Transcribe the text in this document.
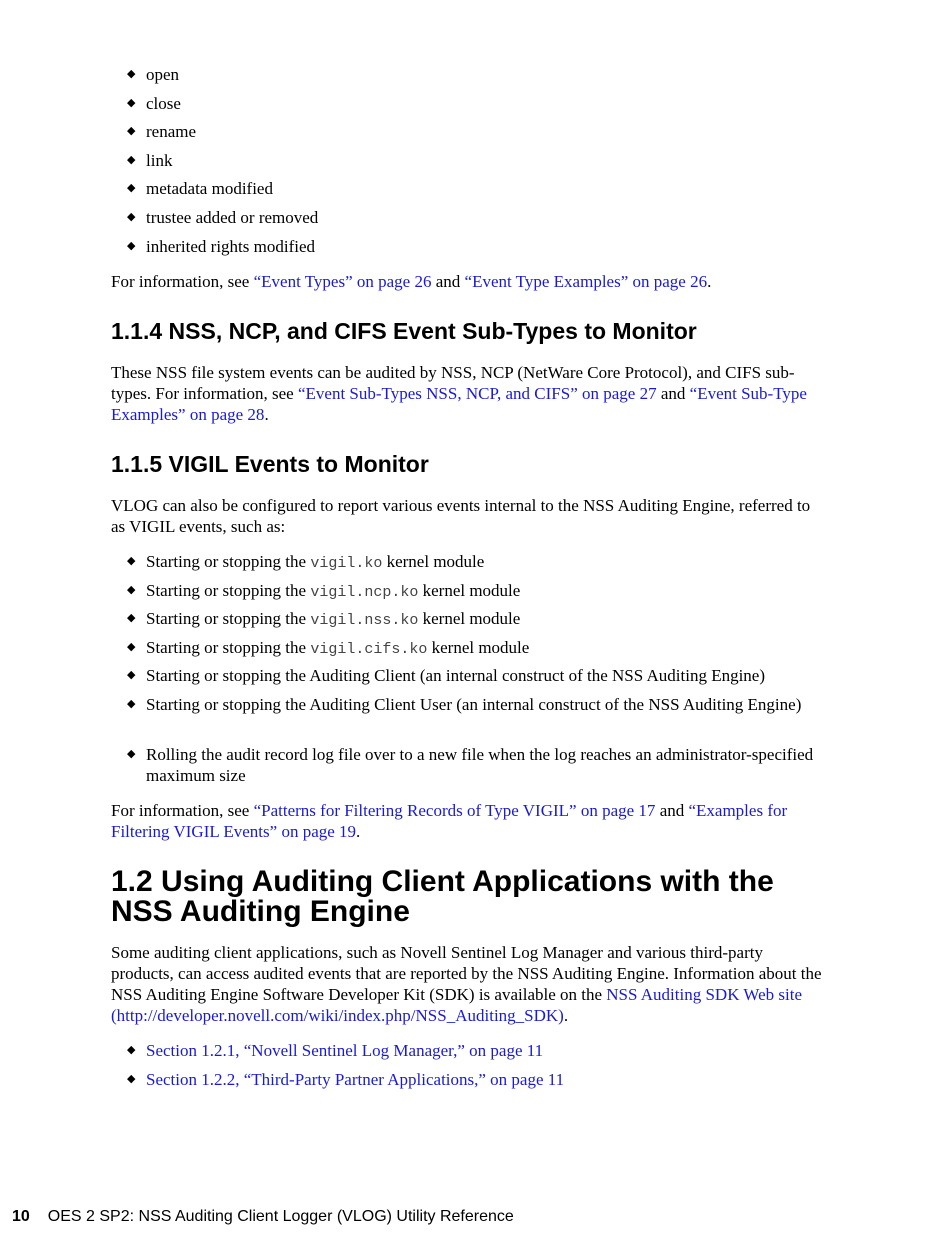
◆ open
◆ close
◆ rename
◆ link
◆ metadata modified
◆ trustee added or removed
◆ inherited rights modified

For information, see “Event Types” on page 26 and “Event Type Examples” on page 26.

1.1.4 NSS, NCP, and CIFS Event Sub-Types to Monitor

These NSS file system events can be audited by NSS, NCP (NetWare Core Protocol), and CIFS sub-types. For information, see “Event Sub-Types NSS, NCP, and CIFS” on page 27 and “Event Sub-Type Examples” on page 28.

1.1.5 VIGIL Events to Monitor

VLOG can also be configured to report various events internal to the NSS Auditing Engine, referred to as VIGIL events, such as:

◆ Starting or stopping the vigil.ko kernel module
◆ Starting or stopping the vigil.ncp.ko kernel module
◆ Starting or stopping the vigil.nss.ko kernel module
◆ Starting or stopping the vigil.cifs.ko kernel module
◆ Starting or stopping the Auditing Client (an internal construct of the NSS Auditing Engine)
◆ Starting or stopping the Auditing Client User (an internal construct of the NSS Auditing Engine)
◆ Rolling the audit record log file over to a new file when the log reaches an administrator-specified maximum size

For information, see “Patterns for Filtering Records of Type VIGIL” on page 17 and “Examples for Filtering VIGIL Events” on page 19.

1.2 Using Auditing Client Applications with the NSS Auditing Engine

Some auditing client applications, such as Novell Sentinel Log Manager and various third-party products, can access audited events that are reported by the NSS Auditing Engine. Information about the NSS Auditing Engine Software Developer Kit (SDK) is available on the NSS Auditing SDK Web site (http://developer.novell.com/wiki/index.php/NSS_Auditing_SDK).

◆ Section 1.2.1, “Novell Sentinel Log Manager,” on page 11
◆ Section 1.2.2, “Third-Party Partner Applications,” on page 11
10 OES 2 SP2: NSS Auditing Client Logger (VLOG) Utility Reference
